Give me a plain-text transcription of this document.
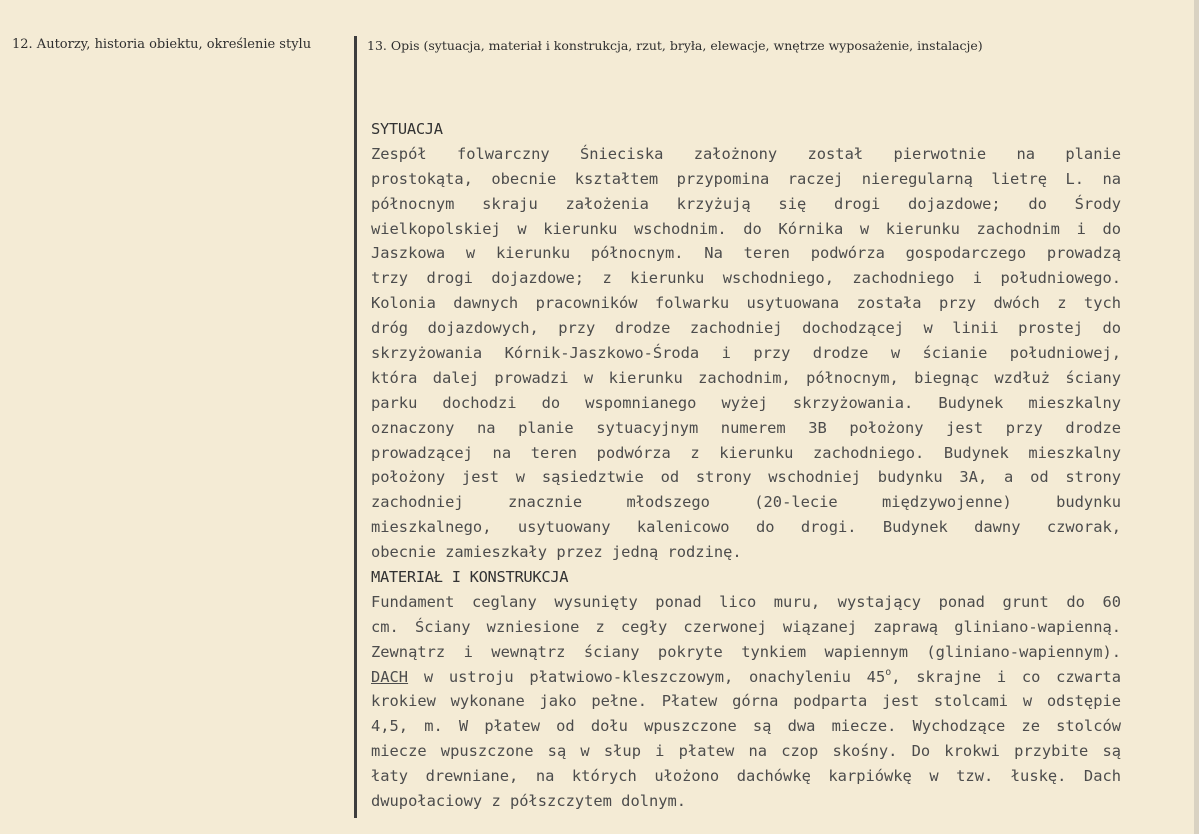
12. Autorzy, historia obiektu, określenie stylu	13. Opis (sytuacja, materiał i konstrukcja, rzut, bryła, elewacje, wnętrze wyposażenie, instalacje)
SYTUACJA
Zespół folwarczny Śnieciska założnony został pierwotnie na planie
prostokąta, obecnie kształtem przypomina raczej nieregularną lietrę L. na
północnym skraju założenia krzyżują się drogi dojazdowe; do Środy
wielkopolskiej w kierunku wschodnim. do Kórnika w kierunku zachodnim i do
Jaszkowa w kierunku północnym. Na teren podwórza gospodarczego prowadzą
trzy drogi dojazdowe; z kierunku wschodniego, zachodniego i południowego.
Kolonia dawnych pracowników folwarku usytuowana została przy dwóch z tych
dróg dojazdowych, przy drodze zachodniej dochodzącej w linii prostej do
skrzyżowania Kórnik-Jaszkowo-Środa i przy drodze w ścianie południowej,
która dalej prowadzi w kierunku zachodnim, północnym, biegnąc wzdłuż ściany
parku dochodzi do wspomnianego wyżej skrzyżowania. Budynek mieszkalny
oznaczony na planie sytuacyjnym numerem 3B położony jest przy drodze
prowadzącej na teren podwórza z kierunku zachodniego. Budynek mieszkalny
położony jest w sąsiedztwie od strony wschodniej budynku 3A, a od strony
zachodniej znacznie młodszego (20-lecie międzywojenne) budynku
mieszkalnego, usytuowany kalenicowo do drogi. Budynek dawny czworak,
obecnie zamieszkały przez jedną rodzinę.
MATERIAŁ I KONSTRUKCJA
Fundament ceglany wysunięty ponad lico muru, wystający ponad grunt do 60
cm. Ściany wzniesione z cegły czerwonej wiązanej zaprawą gliniano-wapienną.
Zewnątrz i wewnątrz ściany pokryte tynkiem wapiennym (gliniano-wapiennym).
DACH w ustroju płatwiowo-kleszczowym, onachyleniu 45$^o$, skrajne i co czwarta
krokiew wykonane jako pełne. Płatew górna podparta jest stolcami w odstępie
4,5, m. W płatew od dołu wpuszczone są dwa miecze. Wychodzące ze stolców
miecze wpuszczone są w słup i płatew na czop skośny. Do krokwi przybite są
łaty drewniane, na których ułożono dachówkę karpiówkę w tzw. łuskę. Dach
dwupołaciowy z półszczytem dolnym.
